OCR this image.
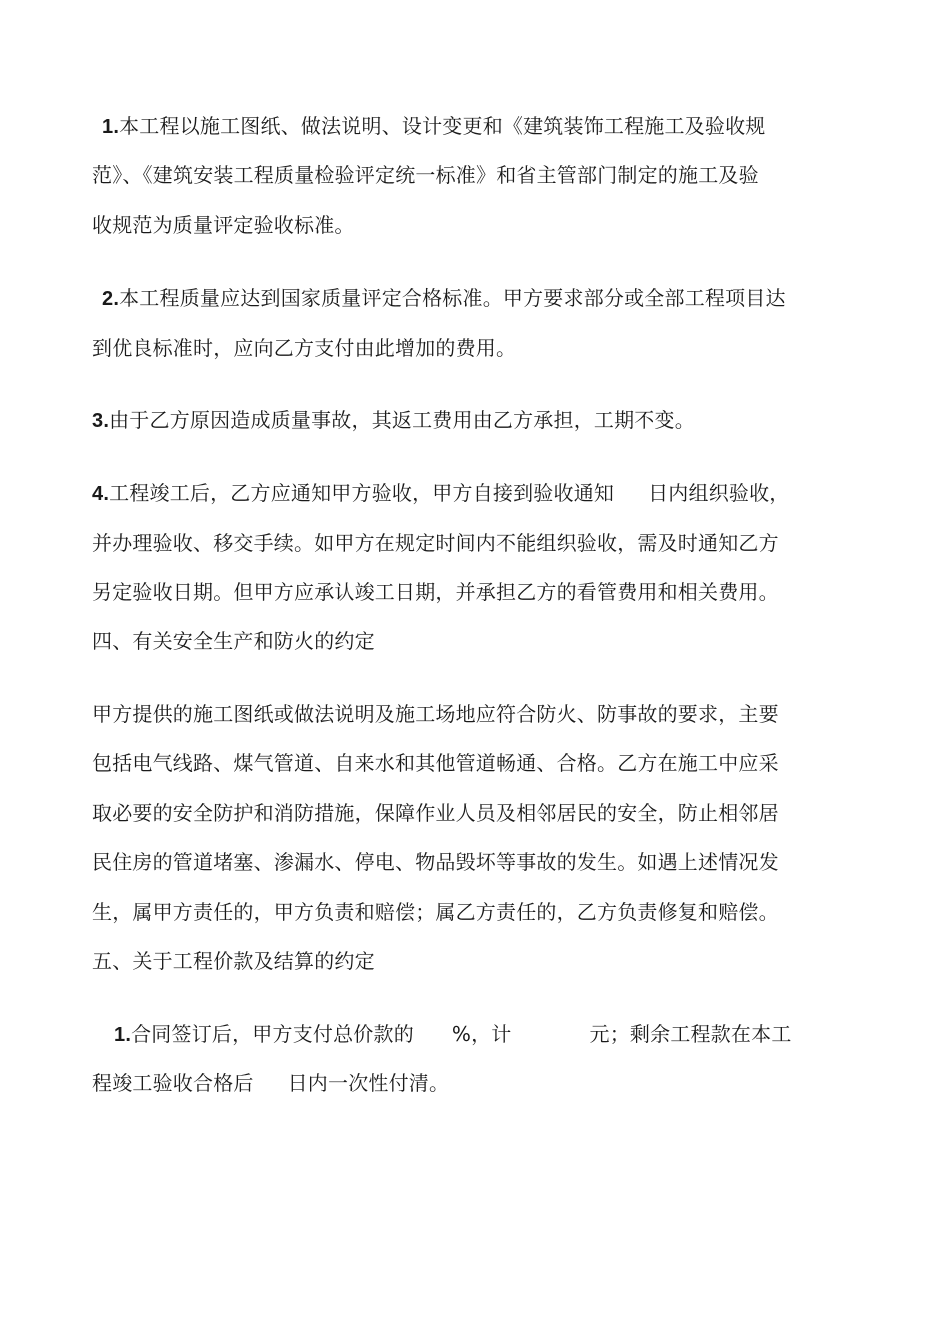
1.本工程以施工图纸、做法说明、设计变更和《建筑装饰工程施工及验收规
范》、《建筑安装工程质量检验评定统一标准》和省主管部门制定的施工及验
收规范为质量评定验收标准。
2.本工程质量应达到国家质量评定合格标准。甲方要求部分或全部工程项目达
到优良标准时，应向乙方支付由此增加的费用。
3.由于乙方原因造成质量事故，其返工费用由乙方承担，工期不变。
4.工程竣工后，乙方应通知甲方验收，甲方自接到验收通知 日内组织验收，
并办理验收、移交手续。如甲方在规定时间内不能组织验收，需及时通知乙方
另定验收日期。但甲方应承认竣工日期，并承担乙方的看管费用和相关费用。
四、有关安全生产和防火的约定
甲方提供的施工图纸或做法说明及施工场地应符合防火、防事故的要求，主要
包括电气线路、煤气管道、自来水和其他管道畅通、合格。乙方在施工中应采
取必要的安全防护和消防措施，保障作业人员及相邻居民的安全，防止相邻居
民住房的管道堵塞、渗漏水、停电、物品毁坏等事故的发生。如遇上述情况发
生，属甲方责任的，甲方负责和赔偿；属乙方责任的，乙方负责修复和赔偿。
五、关于工程价款及结算的约定
1.合同签订后，甲方支付总价款的 %，计	元；剩余工程款在本工
程竣工验收合格后 日内一次性付清。
